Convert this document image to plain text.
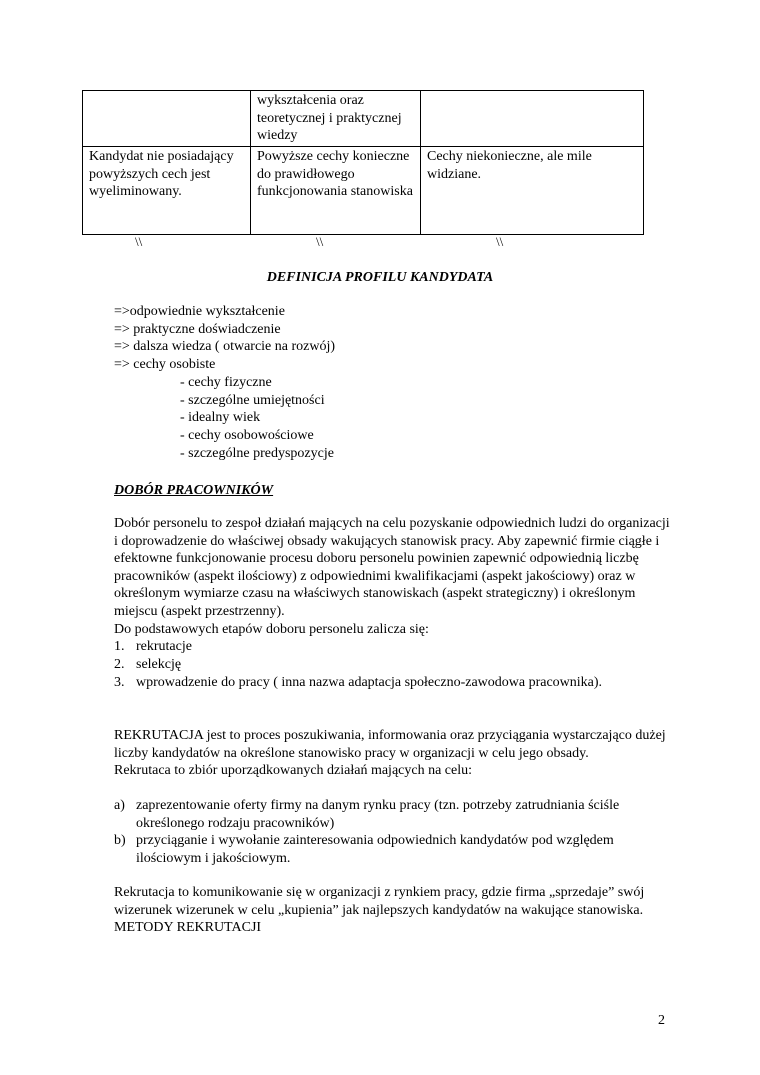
	wykształcenia oraz teoretycznej i praktycznej wiedzy	
Kandydat nie posiadający powyższych cech jest wyeliminowany.	Powyższe cechy konieczne do prawidłowego funkcjonowania stanowiska	Cechy niekonieczne, ale mile widziane.
\\	\\	\\
DEFINICJA PROFILU KANDYDATA
=>odpowiednie wykształcenie
=> praktyczne doświadczenie
=> dalsza wiedza ( otwarcie na rozwój)
=> cechy osobiste
- cechy fizyczne
- szczególne umiejętności
- idealny wiek
- cechy osobowościowe
- szczególne predyspozycje
DOBÓR PRACOWNIKÓW

Dobór personelu to zespoł działań mających na celu pozyskanie odpowiednich ludzi do organizacji i doprowadzenie do właściwej obsady wakujących stanowisk pracy. Aby zapewnić firmie ciągłe i efektowne funkcjonowanie procesu doboru personelu powinien zapewnić odpowiednią liczbę pracowników (aspekt ilościowy) z odpowiednimi kwalifikacjami (aspekt jakościowy) oraz w określonym wymiarze czasu na właściwych stanowiskach (aspekt strategiczny) i określonym miejscu (aspekt przestrzenny).

Do podstawowych etapów doboru personelu zalicza się:

1. rekrutacje
2. selekcję
3. wprowadzenie do pracy ( inna nazwa adaptacja społeczno-zawodowa pracownika).

REKRUTACJA jest to proces poszukiwania, informowania oraz przyciągania wystarczająco dużej liczby kandydatów na określone stanowisko pracy w organizacji w celu jego obsady.

Rekrutaca to zbiór uporządkowanych działań mających na celu:

a) zaprezentowanie oferty firmy na danym rynku pracy (tzn. potrzeby zatrudniania ściśle określonego rodzaju pracowników)
b) przyciąganie i wywołanie zainteresowania odpowiednich kandydatów pod względem ilościowym i jakościowym.

Rekrutacja to komunikowanie się w organizacji z rynkiem pracy, gdzie firma „sprzedaje” swój wizerunek wizerunek w celu „kupienia” jak najlepszych kandydatów na wakujące stanowiska.

METODY REKRUTACJI

2
